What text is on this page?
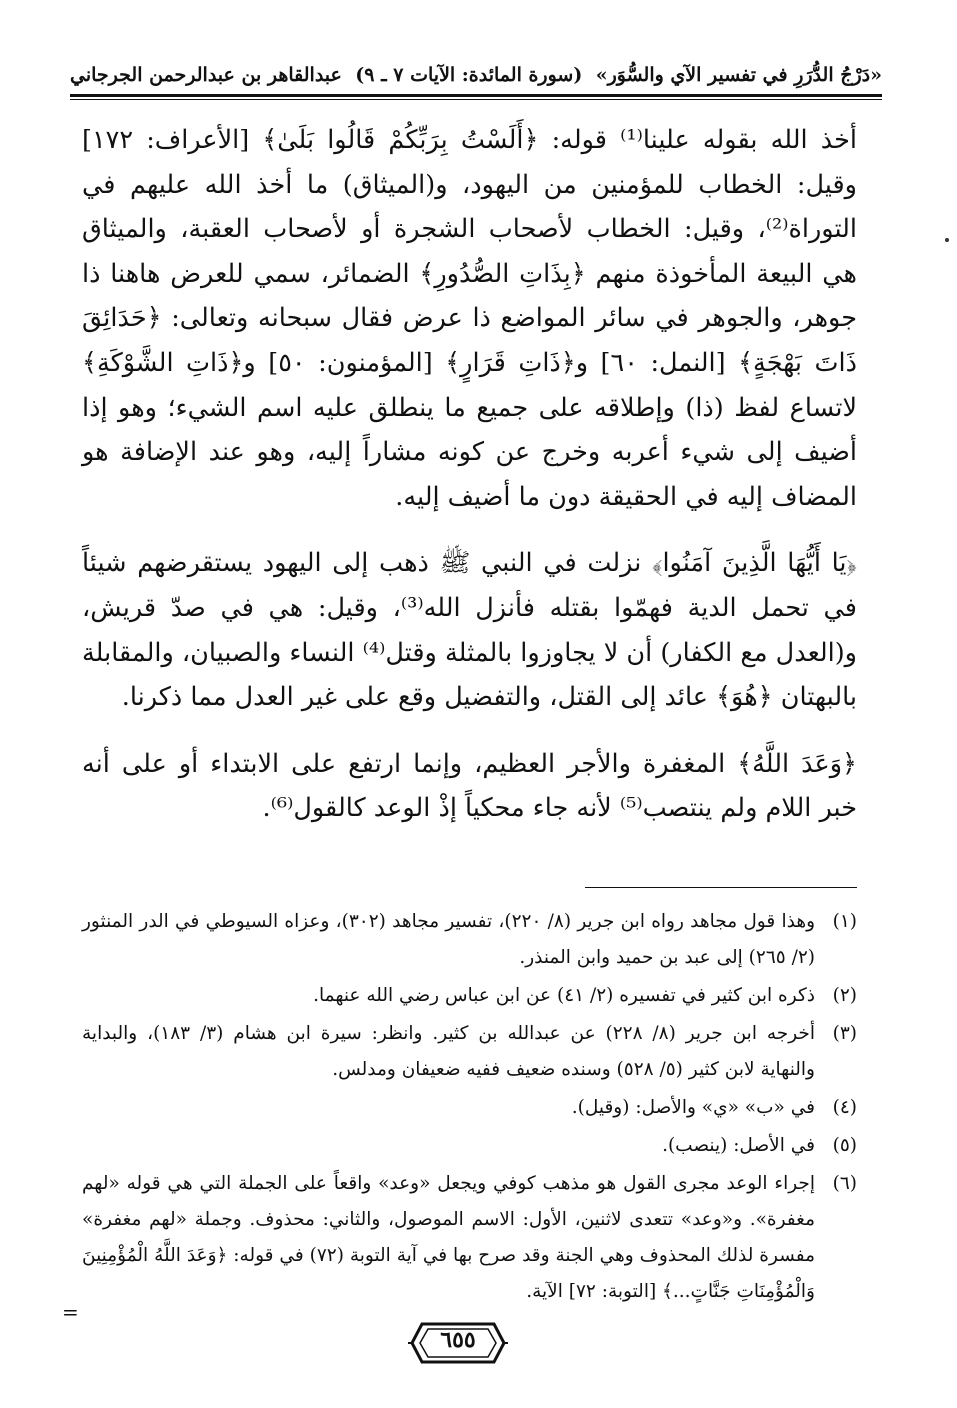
«دَرْجُ الدُّرَرِ في تفسير الآي والسُّوَر»
(سورة المائدة: الآيات ٧ ـ ٩)
عبدالقاهر بن عبدالرحمن الجرجاني

أخذ الله بقوله علينا⁽¹⁾ قوله: ﴿أَلَسْتُ بِرَبِّكُمْ قَالُوا بَلَىٰ﴾ [الأعراف: ١٧٢] وقيل: الخطاب للمؤمنين من اليهود، و(الميثاق) ما أخذ الله عليهم في التوراة⁽²⁾، وقيل: الخطاب لأصحاب الشجرة أو لأصحاب العقبة، والميثاق هي البيعة المأخوذة منهم ﴿بِذَاتِ الصُّدُورِ﴾ الضمائر، سمي للعرض هاهنا ذا جوهر، والجوهر في سائر المواضع ذا عرض فقال سبحانه وتعالى: ﴿حَدَائِقَ ذَاتَ بَهْجَةٍ﴾ [النمل: ٦٠] و﴿ذَاتِ قَرَارٍ﴾ [المؤمنون: ٥٠] و﴿ذَاتِ الشَّوْكَةِ﴾ لاتساع لفظ (ذا) وإطلاقه على جميع ما ينطلق عليه اسم الشيء؛ وهو إذا أضيف إلى شيء أعربه وخرج عن كونه مشاراً إليه، وهو عند الإضافة هو المضاف إليه في الحقيقة دون ما أضيف إليه.

﴿يَا أَيُّهَا الَّذِينَ آمَنُوا﴾ نزلت في النبي ﷺ ذهب إلى اليهود يستقرضهم شيئاً في تحمل الدية فهمّوا بقتله فأنزل الله⁽³⁾، وقيل: هي في صدّ قريش، و(العدل مع الكفار) أن لا يجاوزوا بالمثلة وقتل⁽⁴⁾ النساء والصبيان، والمقابلة بالبهتان ﴿هُوَ﴾ عائد إلى القتل، والتفضيل وقع على غير العدل مما ذكرنا.

﴿وَعَدَ اللَّهُ﴾ المغفرة والأجر العظيم، وإنما ارتفع على الابتداء أو على أنه خبر اللام ولم ينتصب⁽⁵⁾ لأنه جاء محكياً إذْ الوعد كالقول⁽⁶⁾.

(١)
وهذا قول مجاهد رواه ابن جرير (٨/ ٢٢٠)، تفسير مجاهد (٣٠٢)، وعزاه السيوطي في الدر المنثور (٢/ ٢٦٥) إلى عبد بن حميد وابن المنذر.
(٢)
ذكره ابن كثير في تفسيره (٢/ ٤١) عن ابن عباس رضي الله عنهما.
(٣)
أخرجه ابن جرير (٨/ ٢٢٨) عن عبدالله بن كثير. وانظر: سيرة ابن هشام (٣/ ١٨٣)، والبداية والنهاية لابن كثير (٥/ ٥٢٨) وسنده ضعيف ففيه ضعيفان ومدلس.
(٤)
في «ب» «ي» والأصل: (وقيل).
(٥)
في الأصل: (ينصب).
(٦)
إجراء الوعد مجرى القول هو مذهب كوفي ويجعل «وعد» واقعاً على الجملة التي هي قوله «لهم مغفرة». و«وعد» تتعدى لاثنين، الأول: الاسم الموصول، والثاني: محذوف. وجملة «لهم مغفرة» مفسرة لذلك المحذوف وهي الجنة وقد صرح بها في آية التوبة (٧٢) في قوله: ﴿وَعَدَ اللَّهُ الْمُؤْمِنِينَ وَالْمُؤْمِنَاتِ جَنَّاتٍ...﴾ [التوبة: ٧٢] الآية.
=
٦٥٥
